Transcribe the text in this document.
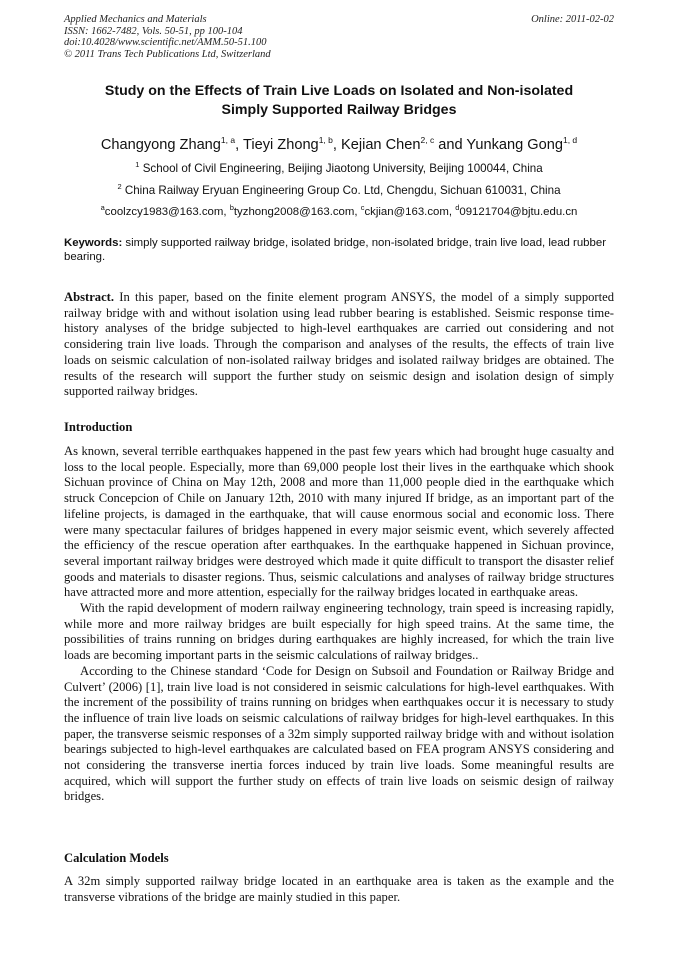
Applied Mechanics and Materials
ISSN: 1662-7482, Vols. 50-51, pp 100-104
doi:10.4028/www.scientific.net/AMM.50-51.100
© 2011 Trans Tech Publications Ltd, Switzerland
Online: 2011-02-02
Study on the Effects of Train Live Loads on Isolated and Non-isolated
Simply Supported Railway Bridges
Changyong Zhang$^{1, a}$, Tieyi Zhong$^{1, b}$, Kejian Chen$^{2, c}$ and Yunkang Gong$^{1, d}$
$^1$ School of Civil Engineering, Beijing Jiaotong University, Beijing 100044, China
$^2$ China Railway Eryuan Engineering Group Co. Ltd, Chengdu, Sichuan 610031, China
$^a$coolzcy1983@163.com, $^b$tyzhong2008@163.com, $^c$ckjian@163.com, $^d$09121704@bjtu.edu.cn
Keywords: simply supported railway bridge, isolated bridge, non-isolated bridge, train live load, lead rubber bearing.
Abstract. In this paper, based on the finite element program ANSYS, the model of a simply supported railway bridge with and without isolation using lead rubber bearing is established. Seismic response time-history analyses of the bridge subjected to high-level earthquakes are carried out considering and not considering train live loads. Through the comparison and analyses of the results, the effects of train live loads on seismic calculation of non-isolated railway bridges and isolated railway bridges are obtained. The results of the research will support the further study on seismic design and isolation design of simply supported railway bridges.
Introduction

As known, several terrible earthquakes happened in the past few years which had brought huge casualty and loss to the local people. Especially, more than 69,000 people lost their lives in the earthquake which shook Sichuan province of China on May 12th, 2008 and more than 11,000 people died in the earthquake which struck Concepcion of Chile on January 12th, 2010 with many injured If bridge, as an important part of the lifeline projects, is damaged in the earthquake, that will cause enormous social and economic loss. There were many spectacular failures of bridges happened in every major seismic event, which severely affected the efficiency of the rescue operation after earthquakes. In the earthquake happened in Sichuan province, several important railway bridges were destroyed which made it quite difficult to transport the disaster relief goods and materials to disaster regions. Thus, seismic calculations and analyses of railway bridge structures have attracted more and more attention, especially for the railway bridges located in earthquake areas.

With the rapid development of modern railway engineering technology, train speed is increasing rapidly, while more and more railway bridges are built especially for high speed trains. At the same time, the possibilities of trains running on bridges during earthquakes are highly increased, for which the train live loads are becoming important parts in the seismic calculations of railway bridges..

According to the Chinese standard ‘Code for Design on Subsoil and Foundation or Railway Bridge and Culvert’ (2006) [1], train live load is not considered in seismic calculations for high-level earthquakes. With the increment of the possibility of trains running on bridges when earthquakes occur it is necessary to study the influence of train live loads on seismic calculations of railway bridges for high-level earthquakes. In this paper, the transverse seismic responses of a 32m simply supported railway bridge with and without isolation bearings subjected to high-level earthquakes are calculated based on FEA program ANSYS considering and not considering the transverse inertia forces induced by train live loads. Some meaningful results are acquired, which will support the further study on effects of train live loads on seismic design of railway bridges.

Calculation Models

A 32m simply supported railway bridge located in an earthquake area is taken as the example and the transverse vibrations of the bridge are mainly studied in this paper.
